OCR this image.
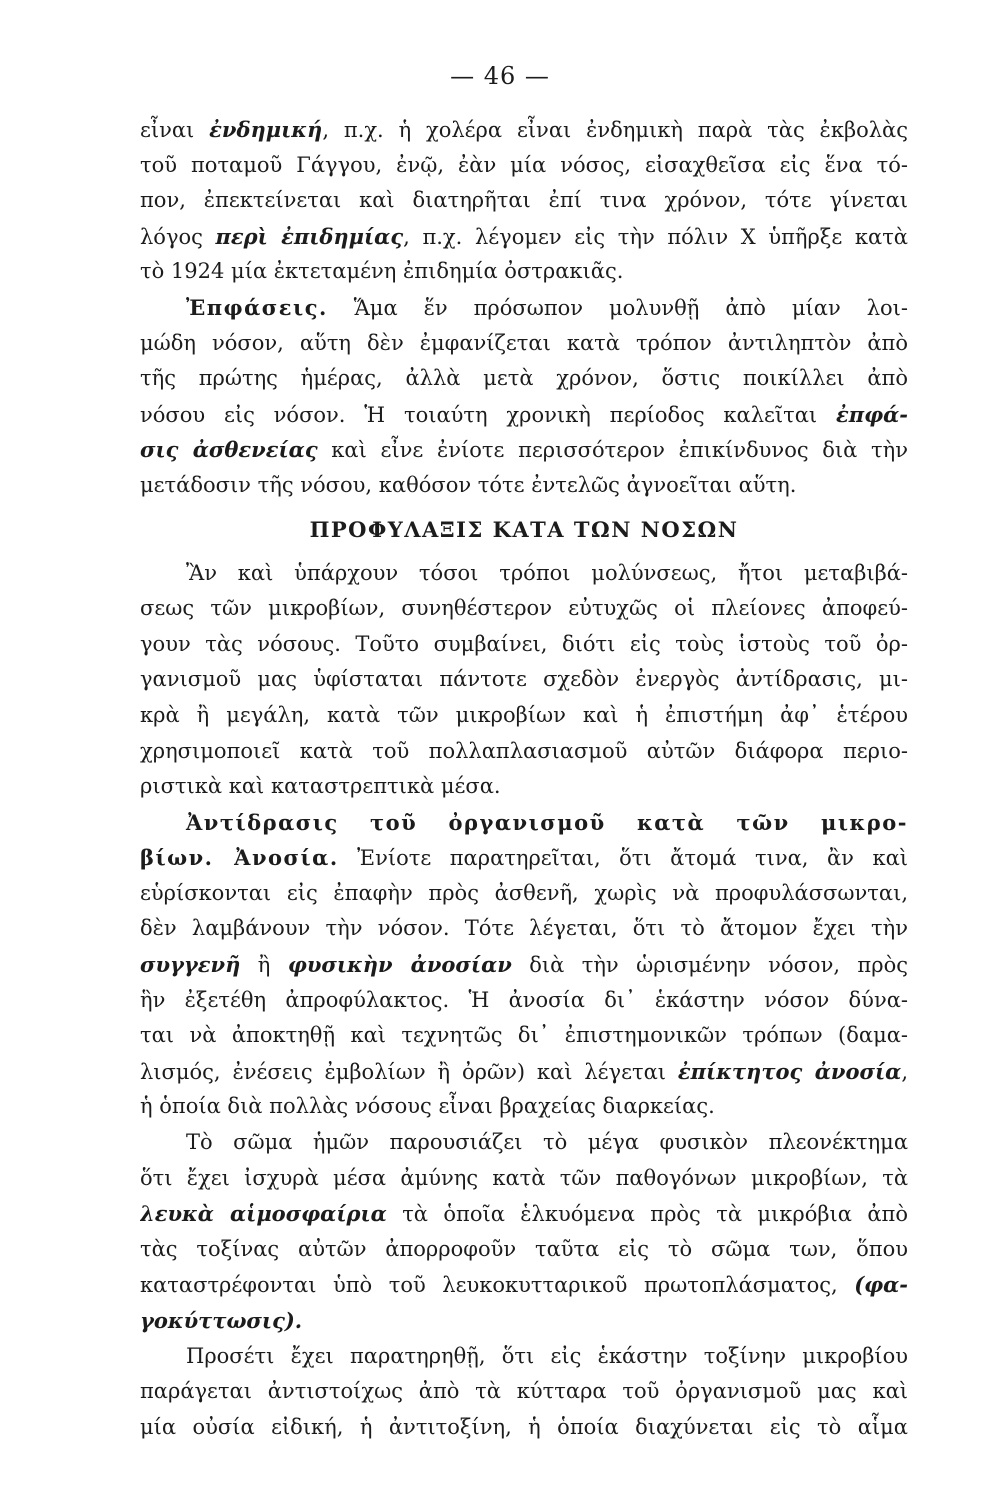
— 46 —
εἶναι ἐνδημική, π.χ. ἡ χολέρα εἶναι ἐνδημικὴ παρὰ τὰς ἐκβολὰς
τοῦ ποταμοῦ Γάγγου, ἐνῷ, ἐὰν μία νόσος, εἰσαχθεῖσα εἰς ἕνα τό-
πον, ἐπεκτείνεται καὶ διατηρῆται ἐπί τινα χρόνον, τότε γίνεται
λόγος περὶ ἐπιδημίας, π.χ. λέγομεν εἰς τὴν πόλιν Χ ὑπῆρξε κατὰ
τὸ 1924 μία ἐκτεταμένη ἐπιδημία ὀστρακιᾶς.
Ἐπφάσεις. Ἅμα ἕν πρόσωπον μολυνθῇ ἀπὸ μίαν λοι-
μώδη νόσον, αὕτη δὲν ἐμφανίζεται κατὰ τρόπον ἀντιληπτὸν ἀπὸ
τῆς πρώτης ἡμέρας, ἀλλὰ μετὰ χρόνον, ὅστις ποικίλλει ἀπὸ
νόσου εἰς νόσον. Ἡ τοιαύτη χρονικὴ περίοδος καλεῖται ἐπφά-
σις ἀσθενείας καὶ εἶνε ἐνίοτε περισσότερον ἐπικίνδυνος διὰ τὴν
μετάδοσιν τῆς νόσου, καθόσον τότε ἐντελῶς ἀγνοεῖται αὕτη.
ΠΡΟΦΥΛΑΞΙΣ ΚΑΤΑ ΤΩΝ ΝΟΣΩΝ
Ἂν καὶ ὑπάρχουν τόσοι τρόποι μολύνσεως, ἤτοι μεταβιβά-
σεως τῶν μικροβίων, συνηθέστερον εὐτυχῶς οἱ πλείονες ἀποφεύ-
γουν τὰς νόσους. Τοῦτο συμβαίνει, διότι εἰς τοὺς ἱστοὺς τοῦ ὀρ-
γανισμοῦ μας ὑφίσταται πάντοτε σχεδὸν ἐνεργὸς ἀντίδρασις, μι-
κρὰ ἢ μεγάλη, κατὰ τῶν μικροβίων καὶ ἡ ἐπιστήμη ἀφ᾽ ἑτέρου
χρησιμοποιεῖ κατὰ τοῦ πολλαπλασιασμοῦ αὐτῶν διάφορα περιο-
ριστικὰ καὶ καταστρεπτικὰ μέσα.
Ἀντίδρασις τοῦ ὀργανισμοῦ κατὰ τῶν μικρο-
βίων. Ἀνοσία. Ἐνίοτε παρατηρεῖται, ὅτι ἄτομά τινα, ἂν καὶ
εὑρίσκονται εἰς ἐπαφὴν πρὸς ἀσθενῆ, χωρὶς νὰ προφυλάσσωνται,
δὲν λαμβάνουν τὴν νόσον. Τότε λέγεται, ὅτι τὸ ἄτομον ἔχει τὴν
συγγενῆ ἢ φυσικὴν ἀνοσίαν διὰ τὴν ὡρισμένην νόσον, πρὸς
ἣν ἐξετέθη ἀπροφύλακτος. Ἡ ἀνοσία δι᾽ ἑκάστην νόσον δύνα-
ται νὰ ἀποκτηθῇ καὶ τεχνητῶς δι᾽ ἐπιστημονικῶν τρόπων (δαμα-
λισμός, ἐνέσεις ἐμβολίων ἢ ὀρῶν) καὶ λέγεται ἐπίκτητος ἀνοσία,
ἡ ὁποία διὰ πολλὰς νόσους εἶναι βραχείας διαρκείας.
Τὸ σῶμα ἡμῶν παρουσιάζει τὸ μέγα φυσικὸν πλεονέκτημα
ὅτι ἔχει ἰσχυρὰ μέσα ἀμύνης κατὰ τῶν παθογόνων μικροβίων, τὰ
λευκὰ αἱμοσφαίρια τὰ ὁποῖα ἑλκυόμενα πρὸς τὰ μικρόβια ἀπὸ
τὰς τοξίνας αὐτῶν ἀπορροφοῦν ταῦτα εἰς τὸ σῶμα των, ὅπου
καταστρέφονται ὑπὸ τοῦ λευκοκυτταρικοῦ πρωτοπλάσματος, (φα-
γοκύττωσις).
Προσέτι ἔχει παρατηρηθῇ, ὅτι εἰς ἑκάστην τοξίνην μικροβίου
παράγεται ἀντιστοίχως ἀπὸ τὰ κύτταρα τοῦ ὀργανισμοῦ μας καὶ
μία οὐσία εἰδική, ἡ ἀντιτοξίνη, ἡ ὁποία διαχύνεται εἰς τὸ αἷμα
